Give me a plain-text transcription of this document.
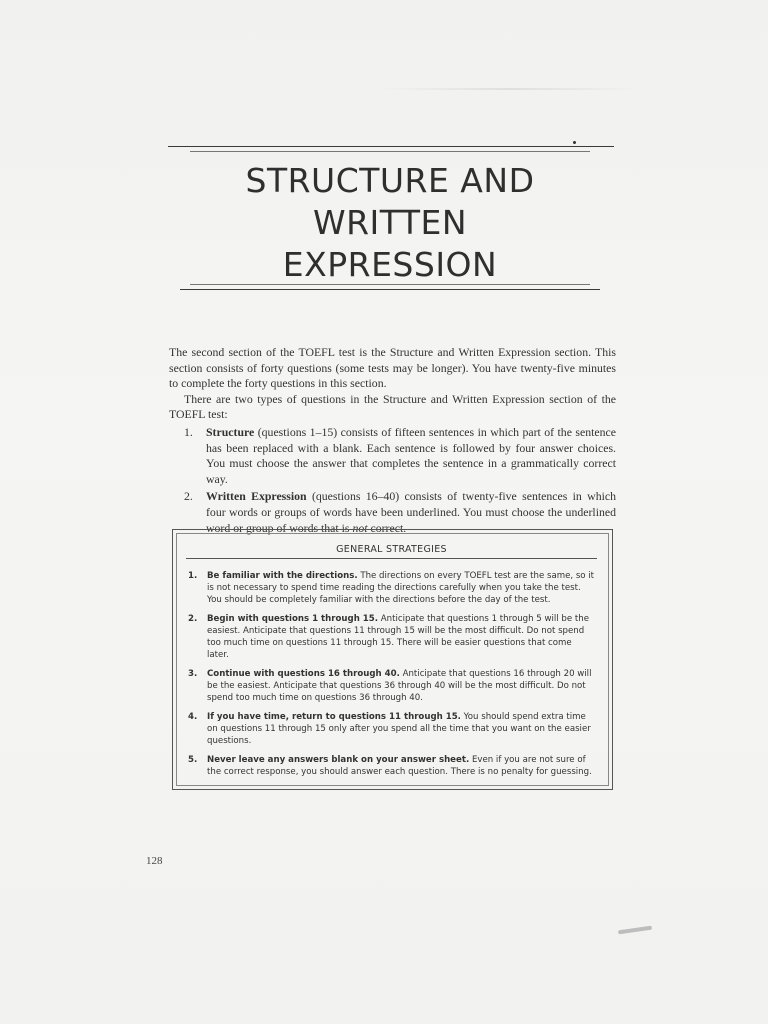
STRUCTURE AND
WRITTEN
EXPRESSION

The second section of the TOEFL test is the Structure and Written Expression section. This section consists of forty questions (some tests may be longer). You have twenty-five minutes to complete the forty questions in this section.

There are two types of questions in the Structure and Written Expression section of the TOEFL test:

1.	Structure (questions 1–15) consists of fifteen sentences in which part of the sentence has been replaced with a blank. Each sentence is followed by four answer choices. You must choose the answer that completes the sentence in a grammatically correct way.
2.	Written Expression (questions 16–40) consists of twenty-five sentences in which four words or groups of words have been underlined. You must choose the underlined word or group of words that is not correct.
GENERAL STRATEGIES
1.	Be familiar with the directions. The directions on every TOEFL test are the same, so it is not necessary to spend time reading the directions carefully when you take the test. You should be completely familiar with the directions before the day of the test.
2.	Begin with questions 1 through 15. Anticipate that questions 1 through 5 will be the easiest. Anticipate that questions 11 through 15 will be the most difficult. Do not spend too much time on questions 11 through 15. There will be easier questions that come later.
3.	Continue with questions 16 through 40. Anticipate that questions 16 through 20 will be the easiest. Anticipate that questions 36 through 40 will be the most difficult. Do not spend too much time on questions 36 through 40.
4.	If you have time, return to questions 11 through 15. You should spend extra time on questions 11 through 15 only after you spend all the time that you want on the easier questions.
5.	Never leave any answers blank on your answer sheet. Even if you are not sure of the correct response, you should answer each question. There is no penalty for guessing.
128
